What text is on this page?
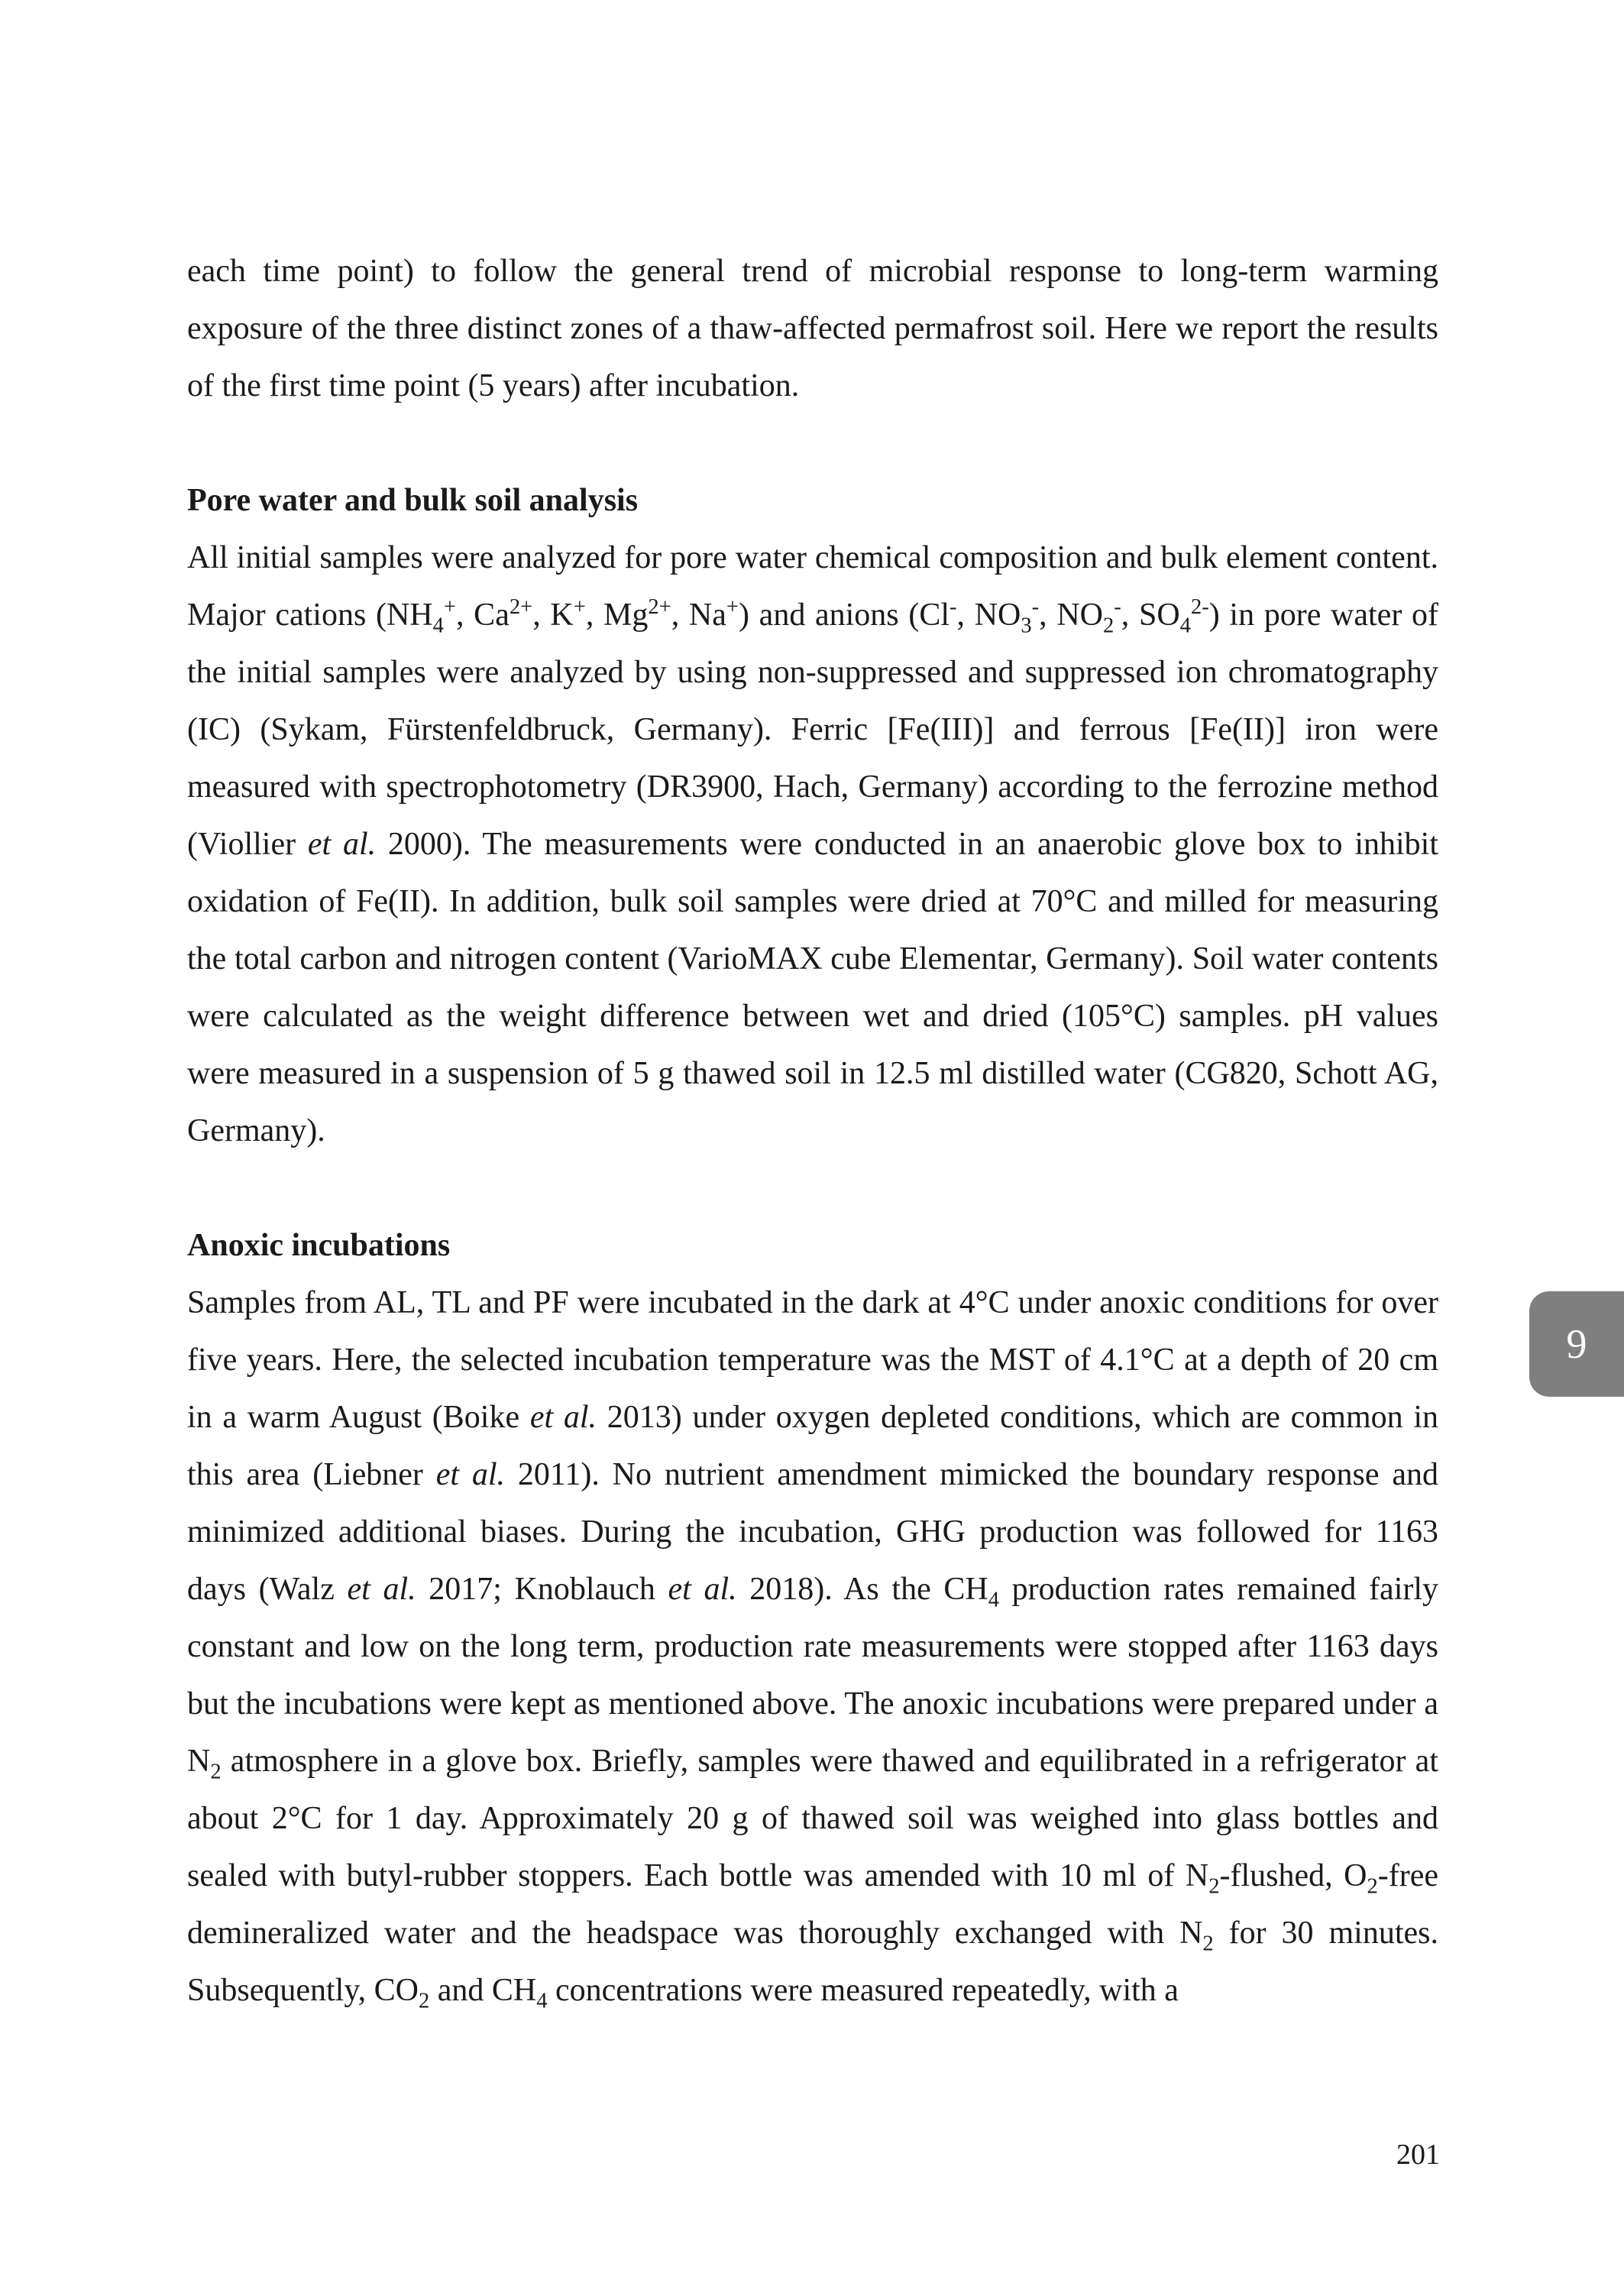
each time point) to follow the general trend of microbial response to long-term warming exposure of the three distinct zones of a thaw-affected permafrost soil. Here we report the results of the first time point (5 years) after incubation.

Pore water and bulk soil analysis

All initial samples were analyzed for pore water chemical composition and bulk element content. Major cations ($NH_4^+$, $Ca^{2+}$, K+, $Mg^{2+}$, Na+) and anions (Cl-, $NO_3^-$, $NO_2^-$, $SO_4^{2-}$) in pore water of the initial samples were analyzed by using non-suppressed and suppressed ion chromatography (IC) (Sykam, Fürstenfeldbruck, Germany). Ferric [Fe(III)] and ferrous [Fe(II)] iron were measured with spectrophotometry (DR3900, Hach, Germany) according to the ferrozine method (Viollier et al. 2000). The measurements were conducted in an anaerobic glove box to inhibit oxidation of Fe(II). In addition, bulk soil samples were dried at 70°C and milled for measuring the total carbon and nitrogen content (VarioMAX cube Elementar, Germany). Soil water contents were calculated as the weight difference between wet and dried (105°C) samples. pH values were measured in a suspension of 5 g thawed soil in 12.5 ml distilled water (CG820, Schott AG, Germany).

Anoxic incubations

Samples from AL, TL and PF were incubated in the dark at 4°C under anoxic conditions for over five years. Here, the selected incubation temperature was the MST of 4.1°C at a depth of 20 cm in a warm August (Boike et al. 2013) under oxygen depleted conditions, which are common in this area (Liebner et al. 2011). No nutrient amendment mimicked the boundary response and minimized additional biases. During the incubation, GHG production was followed for 1163 days (Walz et al. 2017; Knoblauch et al. 2018). As the $CH_4$ production rates remained fairly constant and low on the long term, production rate measurements were stopped after 1163 days but the incubations were kept as mentioned above. The anoxic incubations were prepared under a $N_2$ atmosphere in a glove box. Briefly, samples were thawed and equilibrated in a refrigerator at about 2°C for 1 day. Approximately 20 g of thawed soil was weighed into glass bottles and sealed with butyl-rubber stoppers. Each bottle was amended with 10 ml of $N_2$-flushed, $O_2$-free demineralized water and the headspace was thoroughly exchanged with $N_2$ for 30 minutes. Subsequently, $CO_2$ and $CH_4$ concentrations were measured repeatedly, with a

9
201
